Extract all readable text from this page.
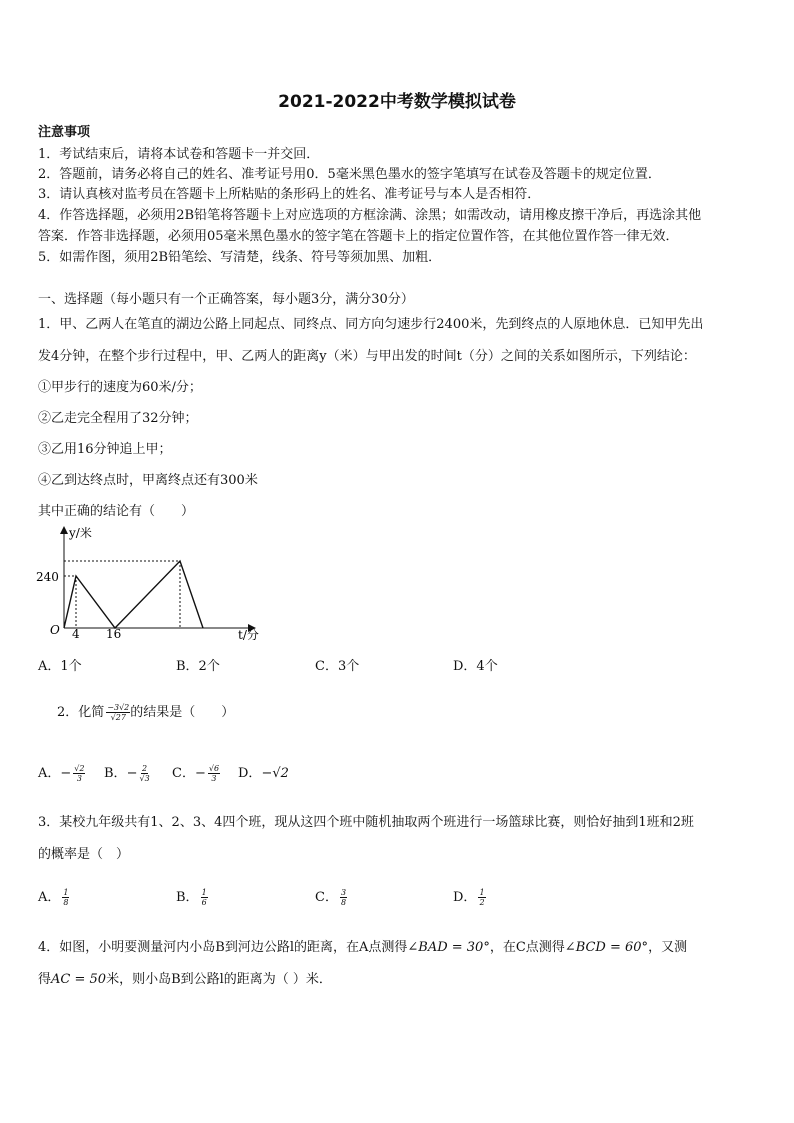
2021-2022中考数学模拟试卷
注意事项
1．考试结束后，请将本试卷和答题卡一并交回．
2．答题前，请务必将自己的姓名、准考证号用0．5毫米黑色墨水的签字笔填写在试卷及答题卡的规定位置．
3．请认真核对监考员在答题卡上所粘贴的条形码上的姓名、准考证号与本人是否相符．
4．作答选择题，必须用2B铅笔将答题卡上对应选项的方框涂满、涂黑；如需改动，请用橡皮擦干净后，再选涂其他
答案．作答非选择题，必须用05毫米黑色墨水的签字笔在答题卡上的指定位置作答，在其他位置作答一律无效．
5．如需作图，须用2B铅笔绘、写清楚，线条、符号等须加黑、加粗．
一、选择题（每小题只有一个正确答案，每小题3分，满分30分）
1．甲、乙两人在笔直的湖边公路上同起点、同终点、同方向匀速步行2400米，先到终点的人原地休息．已知甲先出
发4分钟，在整个步行过程中，甲、乙两人的距离y（米）与甲出发的时间t（分）之间的关系如图所示，下列结论：
①甲步行的速度为60米/分；
②乙走完全程用了32分钟；
③乙用16分钟追上甲；
④乙到达终点时，甲离终点还有300米
其中正确的结论有（　　）
y/米
t/分
O
240
4 16
A．1个	B．2个	C．3个	D．4个
2．化简 $\frac{-3√2}{√27}$ 的结果是（　　）
A．− $\frac{√2}{3}$ B．− $\frac{2}{√3}$ C．− $\frac{√6}{3}$ D．−√2
3．某校九年级共有1、2、3、4四个班，现从这四个班中随机抽取两个班进行一场篮球比赛，则恰好抽到1班和2班
的概率是（　）
A． $\frac{1}{8}$	B． $\frac{1}{6}$	C． $\frac{3}{8}$	D． $\frac{1}{2}$
4．如图，小明要测量河内小岛B到河边公路l的距离，在A点测得∠BAD = 30°，在C点测得∠BCD = 60°，又测
得AC = 50米，则小岛B到公路l的距离为（ ）米．
